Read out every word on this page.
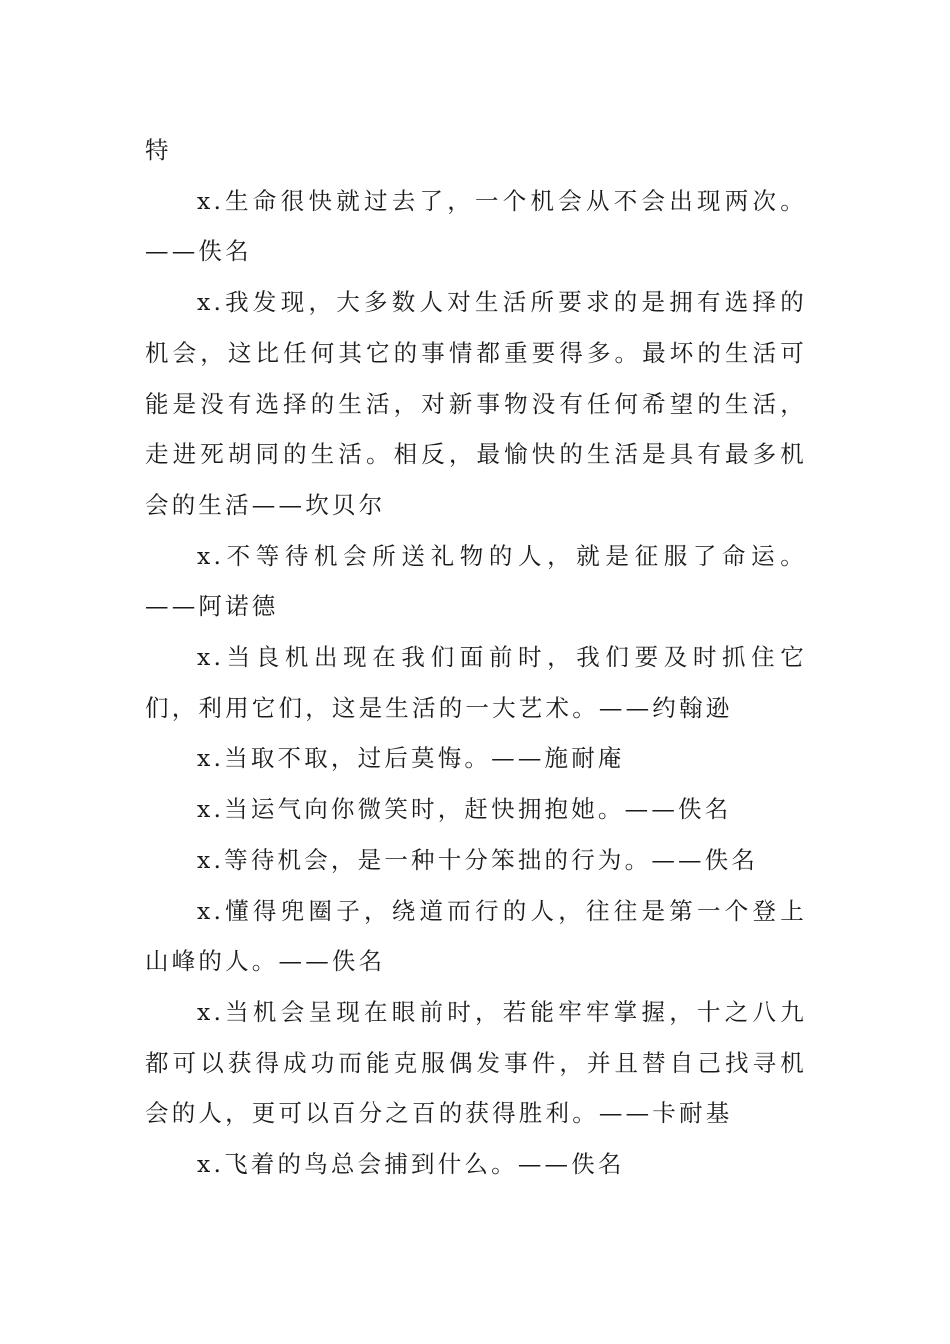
特

x.生命很快就过去了，一个机会从不会出现两次。——佚名

x.我发现，大多数人对生活所要求的是拥有选择的机会，这比任何其它的事情都重要得多。最坏的生活可能是没有选择的生活，对新事物没有任何希望的生活，走进死胡同的生活。相反，最愉快的生活是具有最多机会的生活——坎贝尔

x.不等待机会所送礼物的人，就是征服了命运。——阿诺德

x.当良机出现在我们面前时，我们要及时抓住它们，利用它们，这是生活的一大艺术。——约翰逊

x.当取不取，过后莫悔。——施耐庵

x.当运气向你微笑时，赶快拥抱她。——佚名

x.等待机会，是一种十分笨拙的行为。——佚名

x.懂得兜圈子，绕道而行的人，往往是第一个登上山峰的人。——佚名

x.当机会呈现在眼前时，若能牢牢掌握，十之八九都可以获得成功而能克服偶发事件，并且替自己找寻机会的人，更可以百分之百的获得胜利。——卡耐基

x.飞着的鸟总会捕到什么。——佚名
